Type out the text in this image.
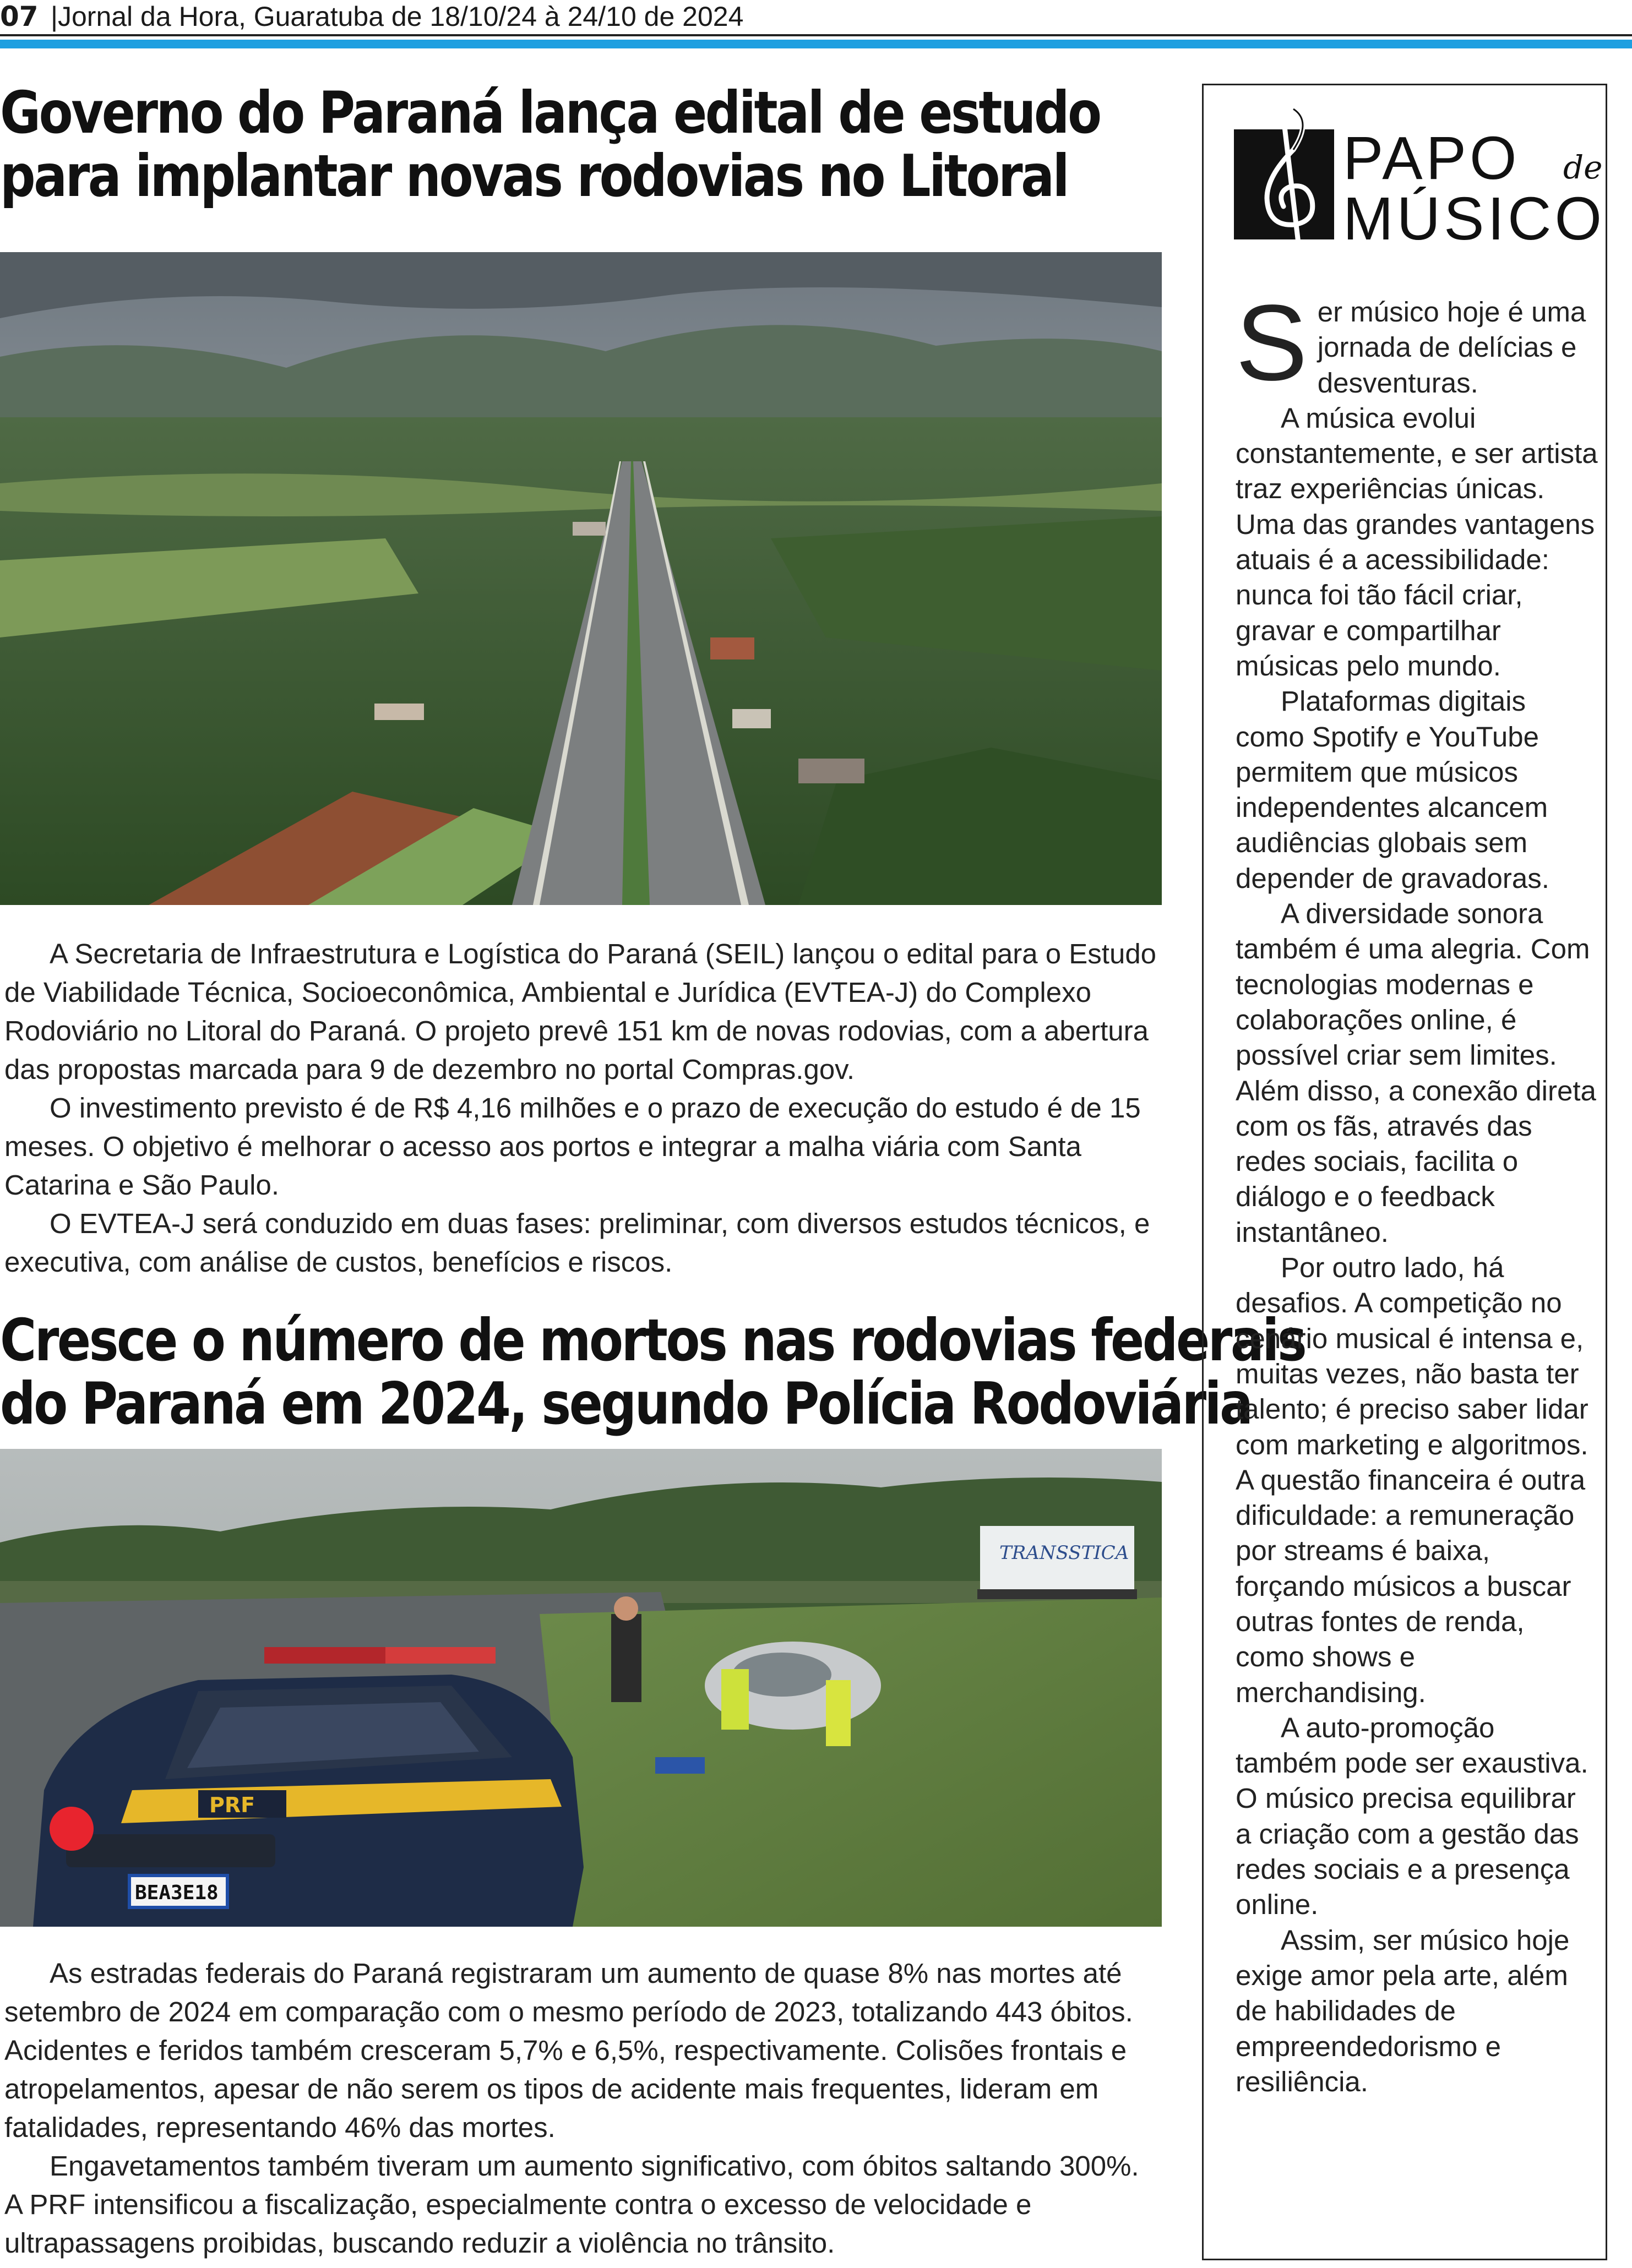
07 |Jornal da Hora, Guaratuba de 18/10/24 à 24/10 de 2024
Governo do Paraná lança edital de estudo
para implantar novas rodovias no Litoral

A Secretaria de Infraestrutura e Logística do Paraná (SEIL) lançou o edital para o Estudo de Viabilidade Técnica, Socioeconômica, Ambiental e Jurídica (EVTEA-J) do Complexo Rodoviário no Litoral do Paraná. O projeto prevê 151 km de novas rodovias, com a abertura das propostas marcada para 9 de dezembro no portal Compras.gov.

O investimento previsto é de R$ 4,16 milhões e o prazo de execução do estudo é de 15 meses. O objetivo é melhorar o acesso aos portos e integrar a malha viária com Santa Catarina e São Paulo.

O EVTEA-J será conduzido em duas fases: preliminar, com diversos estudos técnicos, e executiva, com análise de custos, benefícios e riscos.

Cresce o número de mortos nas rodovias federais
do Paraná em 2024, segundo Polícia Rodoviária
TRANSSTICA
PRF
BEA3E18

As estradas federais do Paraná registraram um aumento de quase 8% nas mortes até setembro de 2024 em comparação com o mesmo período de 2023, totalizando 443 óbitos. Acidentes e feridos também cresceram 5,7% e 6,5%, respectivamente. Colisões frontais e atropelamentos, apesar de não serem os tipos de acidente mais frequentes, lideram em fatalidades, representando 46% das mortes.

Engavetamentos também tiveram um aumento significativo, com óbitos saltando 300%. A PRF intensificou a fiscalização, especialmente contra o excesso de velocidade e ultrapassagens proibidas, buscando reduzir a violência no trânsito.

PAPO de
MÚSICO

Ser músico hoje é uma jornada de delícias e desventuras.

A música evolui constantemente, e ser artista traz experiências únicas. Uma das grandes vantagens atuais é a acessibilidade: nunca foi tão fácil criar, gravar e compartilhar músicas pelo mundo.

Plataformas digitais como Spotify e YouTube permitem que músicos independentes alcancem audiências globais sem depender de gravadoras.

A diversidade sonora também é uma alegria. Com tecnologias modernas e colaborações online, é possível criar sem limites. Além disso, a conexão direta com os fãs, através das redes sociais, facilita o diálogo e o feedback instantâneo.

Por outro lado, há desafios. A competição no cenário musical é intensa e, muitas vezes, não basta ter talento; é preciso saber lidar com marketing e algoritmos. A questão financeira é outra dificuldade: a remuneração por streams é baixa, forçando músicos a buscar outras fontes de renda, como shows e merchandising.

A auto-promoção também pode ser exaustiva. O músico precisa equilibrar a criação com a gestão das redes sociais e a presença online.

Assim, ser músico hoje exige amor pela arte, além de habilidades de empreendedorismo e resiliência.
